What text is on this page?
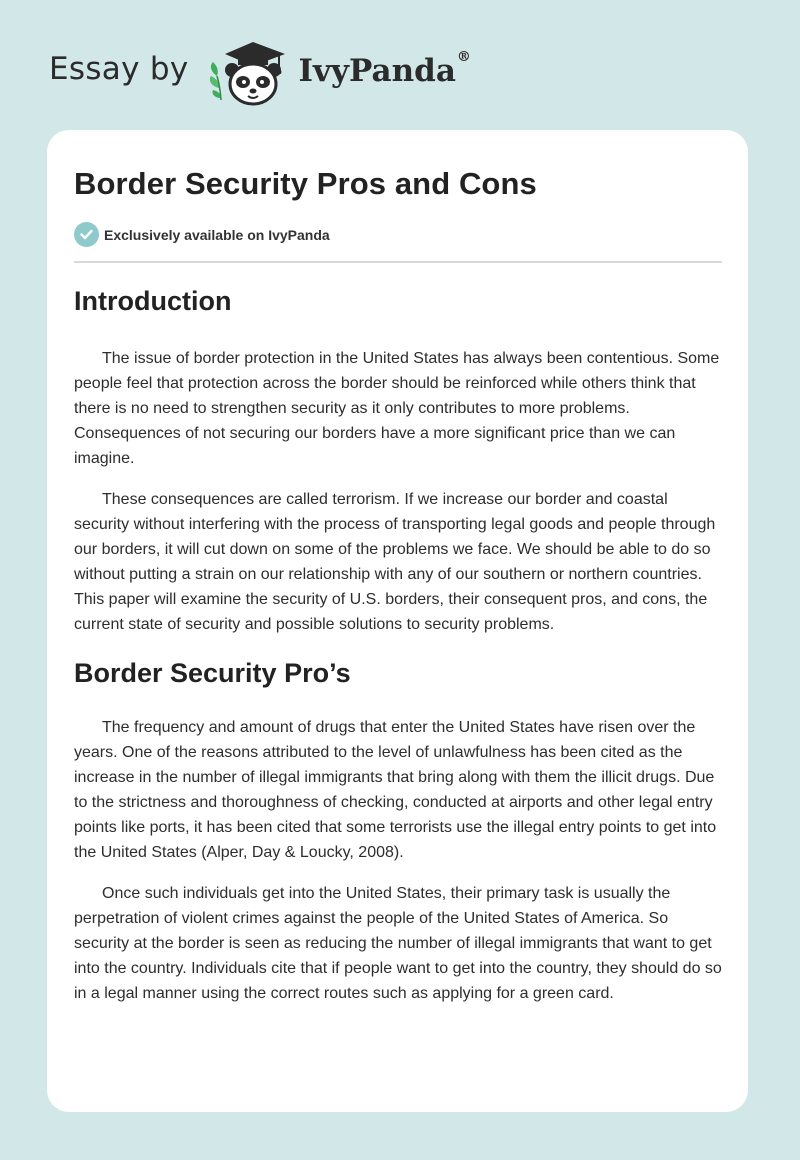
Essay by	IvyPanda®
Border Security Pros and Cons
Exclusively available on IvyPanda
Introduction

The issue of border protection in the United States has always been contentious. Some people feel that protection across the border should be reinforced while others think that there is no need to strengthen security as it only contributes to more problems. Consequences of not securing our borders have a more significant price than we can imagine.

These consequences are called terrorism. If we increase our border and coastal security without interfering with the process of transporting legal goods and people through our borders, it will cut down on some of the problems we face. We should be able to do so without putting a strain on our relationship with any of our southern or northern countries. This paper will examine the security of U.S. borders, their consequent pros, and cons, the current state of security and possible solutions to security problems.

Border Security Pro’s

The frequency and amount of drugs that enter the United States have risen over the years. One of the reasons attributed to the level of unlawfulness has been cited as the increase in the number of illegal immigrants that bring along with them the illicit drugs. Due to the strictness and thoroughness of checking, conducted at airports and other legal entry points like ports, it has been cited that some terrorists use the illegal entry points to get into the United States (Alper, Day & Loucky, 2008).

Once such individuals get into the United States, their primary task is usually the perpetration of violent crimes against the people of the United States of America. So security at the border is seen as reducing the number of illegal immigrants that want to get into the country. Individuals cite that if people want to get into the country, they should do so in a legal manner using the correct routes such as applying for a green card.
